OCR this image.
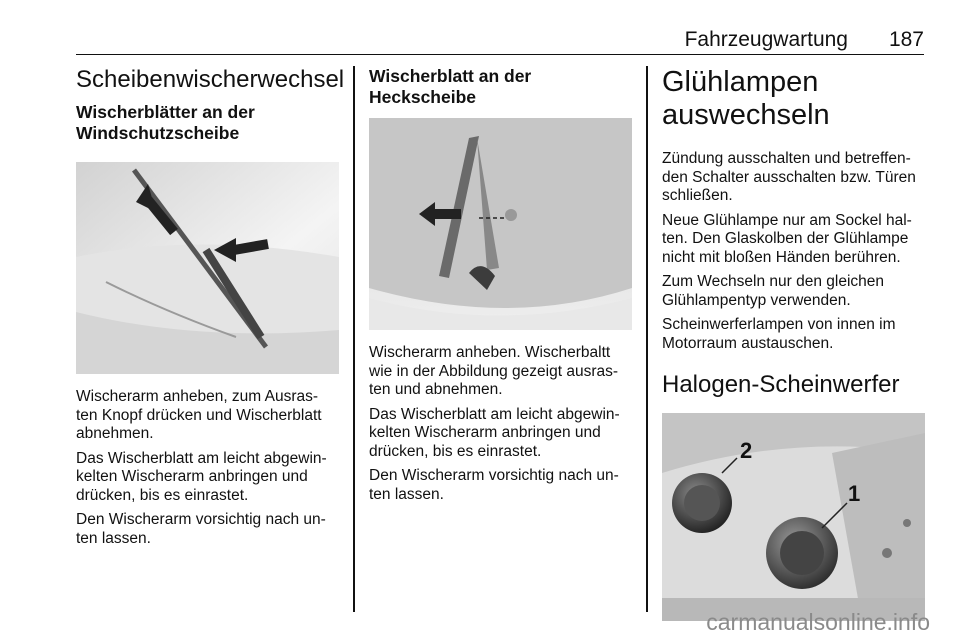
Fahrzeugwartung 187
Scheibenwischerwechsel
Wischerblätter an der Windschutzscheibe

Wischerarm anheben, zum Ausras-ten Knopf drücken und Wischerblatt abnehmen.

Das Wischerblatt am leicht abgewin-kelten Wischerarm anbringen und drücken, bis es einrastet.

Den Wischerarm vorsichtig nach un-ten lassen.

Wischerblatt an der Heckscheibe

Wischerarm anheben. Wischerbaltt wie in der Abbildung gezeigt ausras-ten und abnehmen.

Das Wischerblatt am leicht abgewin-kelten Wischerarm anbringen und drücken, bis es einrastet.

Den Wischerarm vorsichtig nach un-ten lassen.

Glühlampen auswechseln

Zündung ausschalten und betreffen-den Schalter ausschalten bzw. Türen schließen.

Neue Glühlampe nur am Sockel hal-ten. Den Glaskolben der Glühlampe nicht mit bloßen Händen berühren.

Zum Wechseln nur den gleichen Glühlampentyp verwenden.

Scheinwerferlampen von innen im Motorraum austauschen.

Halogen-Scheinwerfer
2
1
carmanualsonline.info
